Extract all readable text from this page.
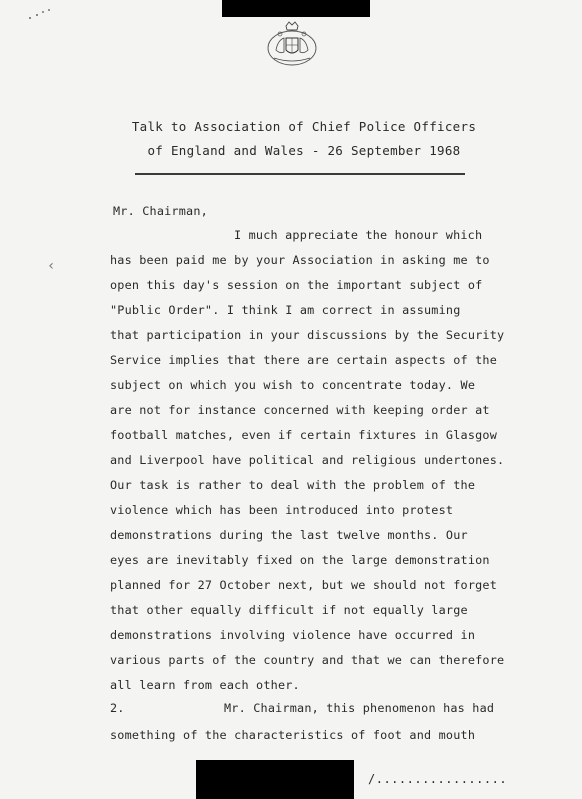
Talk to Association of Chief Police Officers
of England and Wales - 26 September 1968
Mr. Chairman,
‹
I much appreciate the honour which
has been paid me by your Association in asking me to
open this day's session on the important subject of
"Public Order". I think I am correct in assuming
that participation in your discussions by the Security
Service implies that there are certain aspects of the
subject on which you wish to concentrate today. We
are not for instance concerned with keeping order at
football matches, even if certain fixtures in Glasgow
and Liverpool have political and religious undertones.
Our task is rather to deal with the problem of the
violence which has been introduced into protest
demonstrations during the last twelve months. Our
eyes are inevitably fixed on the large demonstration
planned for 27 October next, but we should not forget
that other equally difficult if not equally large
demonstrations involving violence have occurred in
various parts of the country and that we can therefore
all learn from each other.
2.	Mr. Chairman, this phenomenon has had
something of the characteristics of foot and mouth
/.................
